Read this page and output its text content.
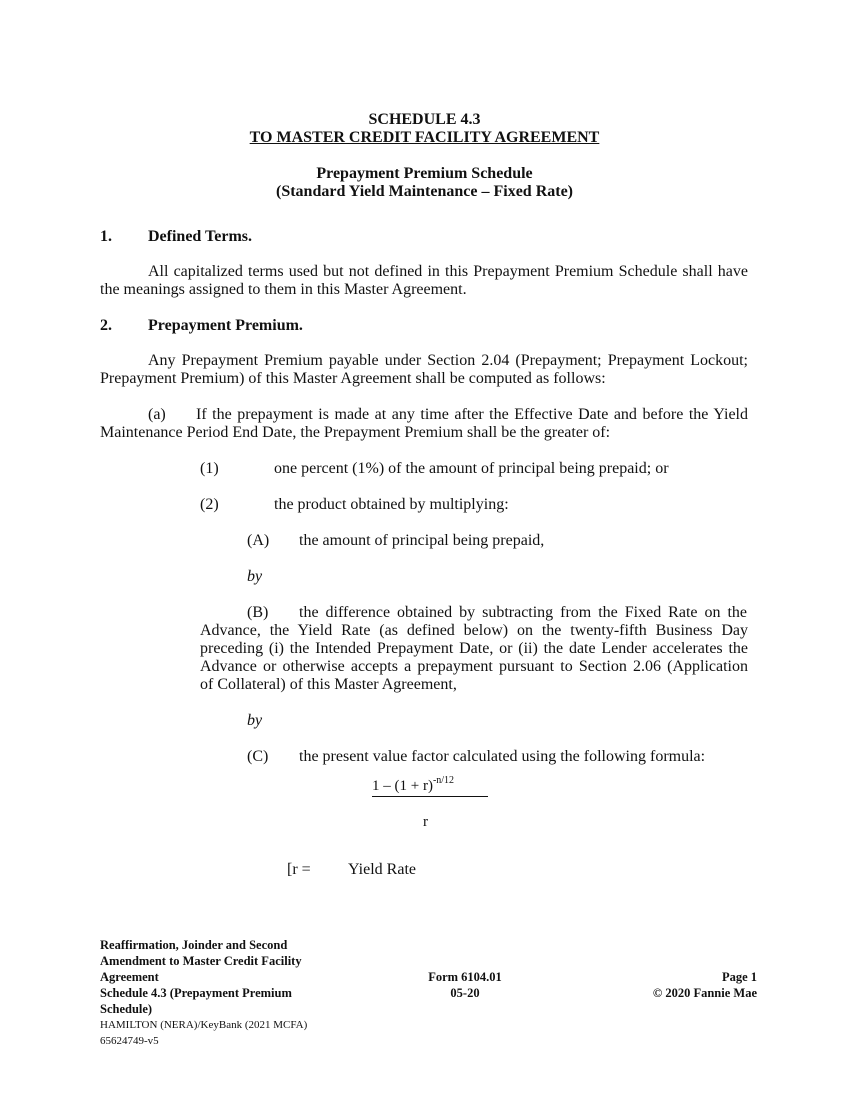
SCHEDULE 4.3
TO MASTER CREDIT FACILITY AGREEMENT
Prepayment Premium Schedule
(Standard Yield Maintenance – Fixed Rate)
1. Defined Terms.
All capitalized terms used but not defined in this Prepayment Premium Schedule shall have
the meanings assigned to them in this Master Agreement.
2. Prepayment Premium.
Any Prepayment Premium payable under Section 2.04 (Prepayment; Prepayment Lockout;
Prepayment Premium) of this Master Agreement shall be computed as follows:
(a) If the prepayment is made at any time after the Effective Date and before the Yield
Maintenance Period End Date, the Prepayment Premium shall be the greater of:
(1)	one percent (1%) of the amount of principal being prepaid; or
(2)	the product obtained by multiplying:
(A) the amount of principal being prepaid,
by
(B) the difference obtained by subtracting from the Fixed Rate on the
Advance, the Yield Rate (as defined below) on the twenty-fifth Business Day
preceding (i) the Intended Prepayment Date, or (ii) the date Lender accelerates the
Advance or otherwise accepts a prepayment pursuant to Section 2.06 (Application
of Collateral) of this Master Agreement,
by
(C) the present value factor calculated using the following formula:
$1 - (1 + r)^{-n/12}$
r
[r = Yield Rate
Reaffirmation, Joinder and Second
Amendment to Master Credit Facility
Agreement
Schedule 4.3 (Prepayment Premium
Schedule)
HAMILTON (NERA)/KeyBank (2021 MCFA)
65624749-v5
Form 6104.01
05-20
Page 1
© 2020 Fannie Mae
